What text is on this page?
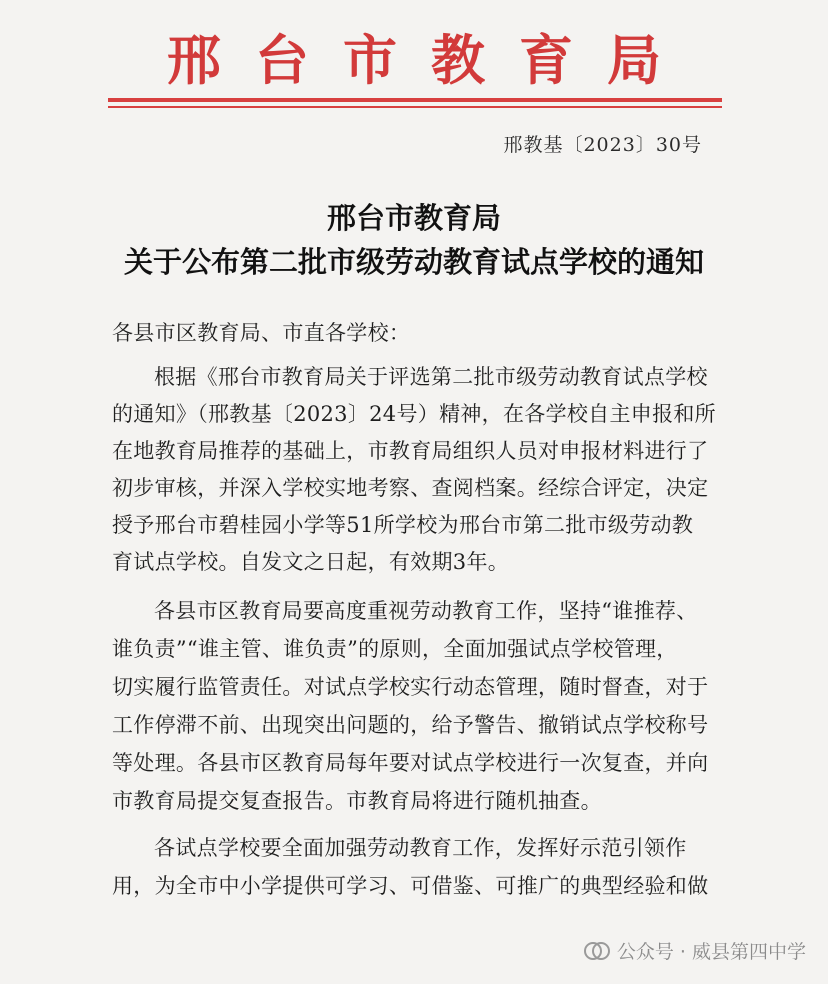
邢台市教育局
邢教基〔2023〕30号
邢台市教育局
关于公布第二批市级劳动教育试点学校的通知
各县市区教育局、市直各学校：
根据《邢台市教育局关于评选第二批市级劳动教育试点学校
的通知》（邢教基〔2023〕24号）精神，在各学校自主申报和所
在地教育局推荐的基础上，市教育局组织人员对申报材料进行了
初步审核，并深入学校实地考察、查阅档案。经综合评定，决定
授予邢台市碧桂园小学等51所学校为邢台市第二批市级劳动教
育试点学校。自发文之日起，有效期3年。
各县市区教育局要高度重视劳动教育工作，坚持“谁推荐、
谁负责”“谁主管、谁负责”的原则，全面加强试点学校管理，
切实履行监管责任。对试点学校实行动态管理，随时督查，对于
工作停滞不前、出现突出问题的，给予警告、撤销试点学校称号
等处理。各县市区教育局每年要对试点学校进行一次复查，并向
市教育局提交复查报告。市教育局将进行随机抽查。
各试点学校要全面加强劳动教育工作，发挥好示范引领作
用，为全市中小学提供可学习、可借鉴、可推广的典型经验和做
公众号 · 威县第四中学
